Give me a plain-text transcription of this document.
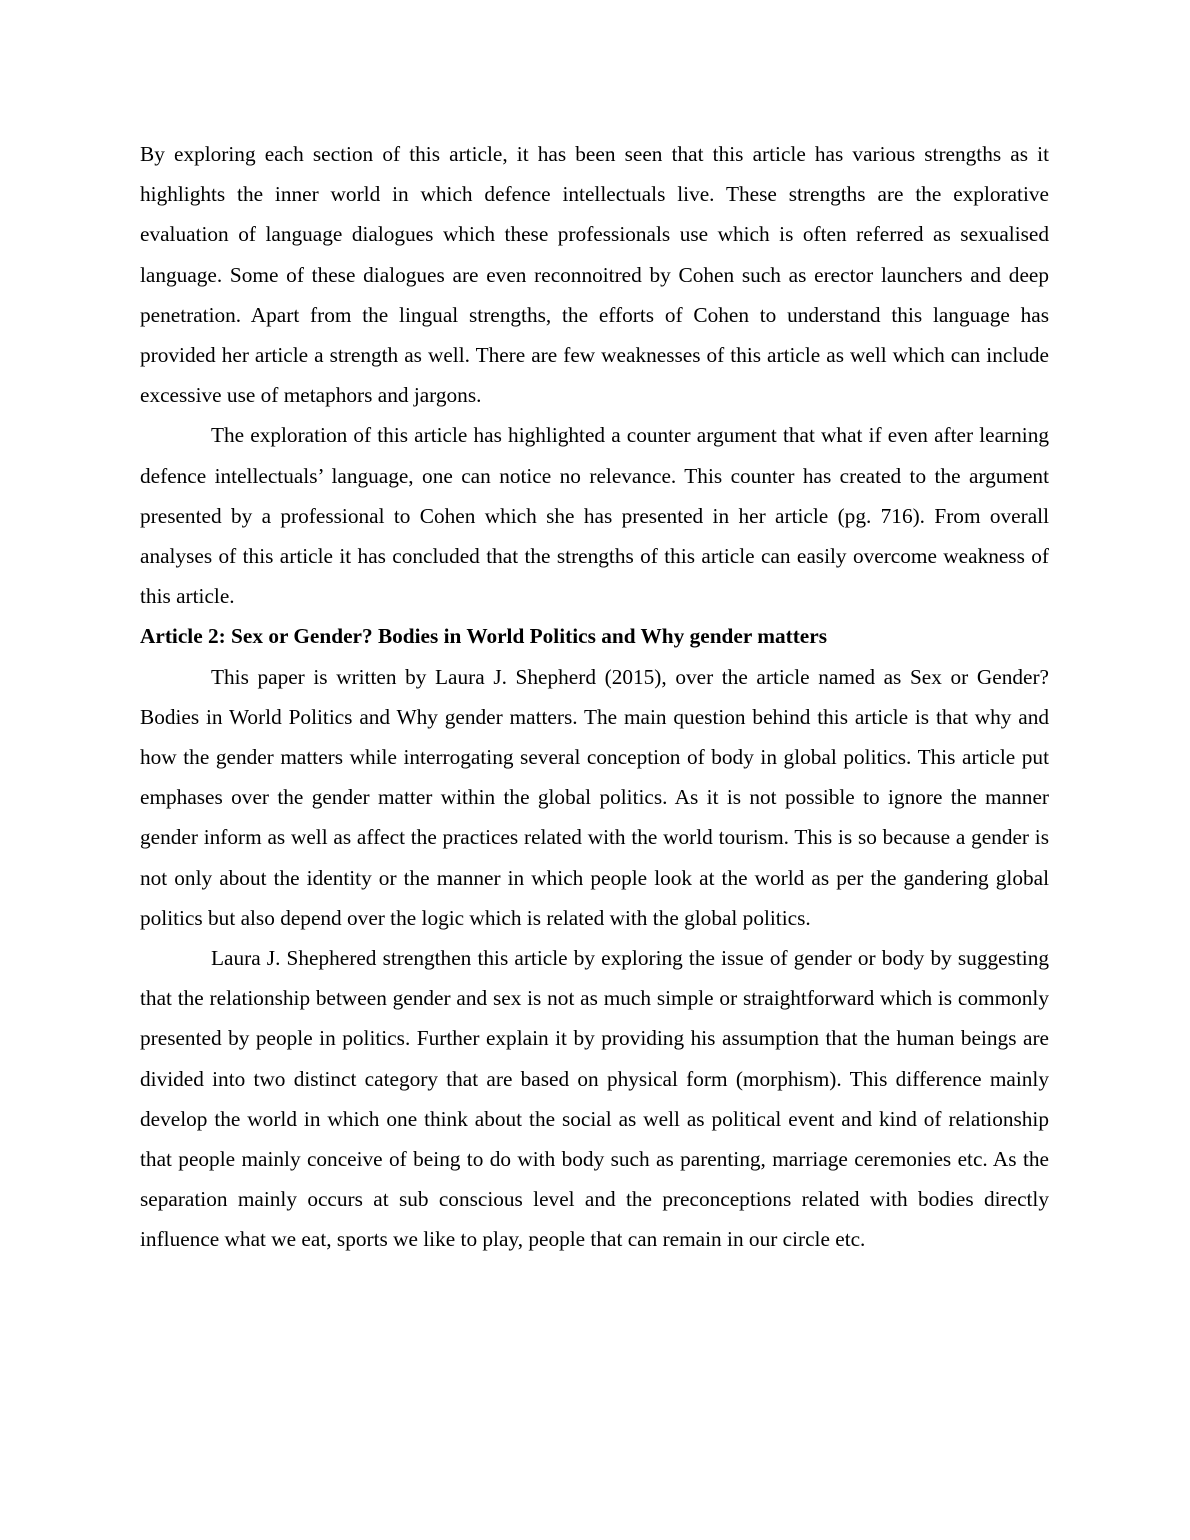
By exploring each section of this article, it has been seen that this article has various strengths as it highlights the inner world in which defence intellectuals live. These strengths are the explorative evaluation of language dialogues which these professionals use which is often referred as sexualised language. Some of these dialogues are even reconnoitred by Cohen such as erector launchers and deep penetration. Apart from the lingual strengths, the efforts of Cohen to understand this language has provided her article a strength as well. There are few weaknesses of this article as well which can include excessive use of metaphors and jargons.

The exploration of this article has highlighted a counter argument that what if even after learning defence intellectuals’ language, one can notice no relevance. This counter has created to the argument presented by a professional to Cohen which she has presented in her article (pg. 716). From overall analyses of this article it has concluded that the strengths of this article can easily overcome weakness of this article.

Article 2: Sex or Gender? Bodies in World Politics and Why gender matters

This paper is written by Laura J. Shepherd (2015), over the article named as Sex or Gender? Bodies in World Politics and Why gender matters. The main question behind this article is that why and how the gender matters while interrogating several conception of body in global politics. This article put emphases over the gender matter within the global politics. As it is not possible to ignore the manner gender inform as well as affect the practices related with the world tourism. This is so because a gender is not only about the identity or the manner in which people look at the world as per the gandering global politics but also depend over the logic which is related with the global politics.

Laura J. Shephered strengthen this article by exploring the issue of gender or body by suggesting that the relationship between gender and sex is not as much simple or straightforward which is commonly presented by people in politics. Further explain it by providing his assumption that the human beings are divided into two distinct category that are based on physical form (morphism). This difference mainly develop the world in which one think about the social as well as political event and kind of relationship that people mainly conceive of being to do with body such as parenting, marriage ceremonies etc. As the separation mainly occurs at sub conscious level and the preconceptions related with bodies directly influence what we eat, sports we like to play, people that can remain in our circle etc.
